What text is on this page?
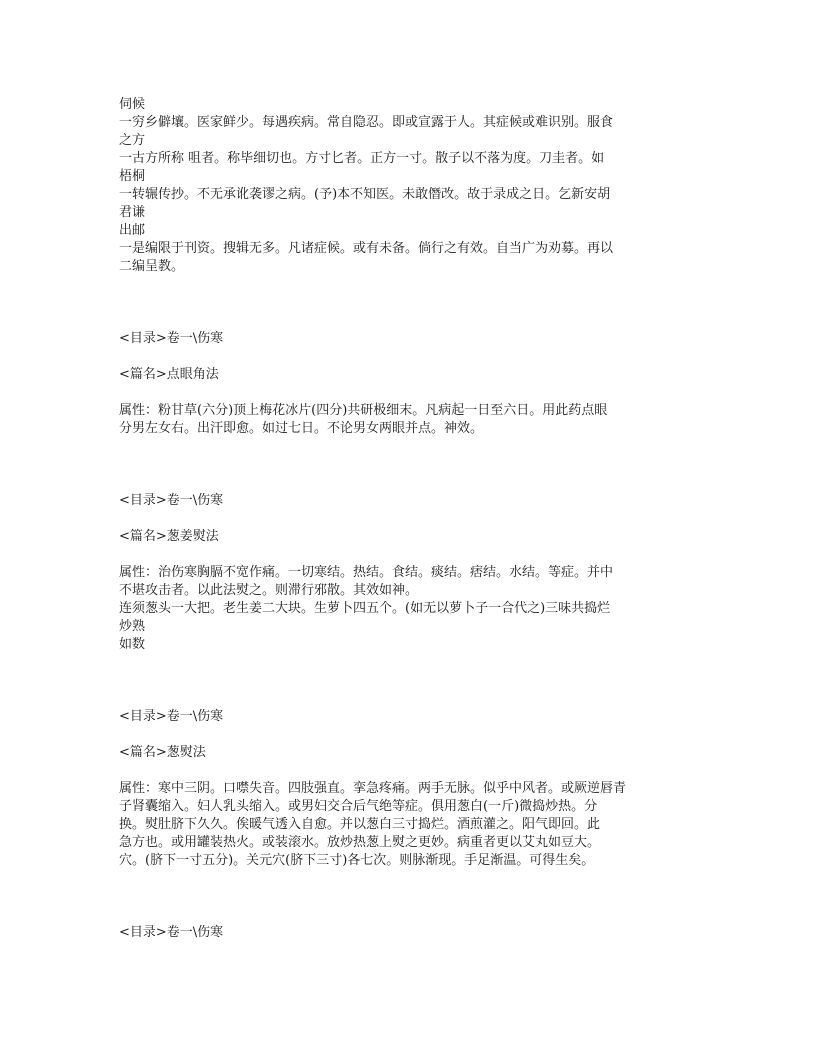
伺候
一穷乡僻壤。医家鲜少。每遇疾病。常自隐忍。即或宣露于人。其症候或难识别。服食
之方
一古方所称 咀者。称毕细切也。方寸匕者。正方一寸。散子以不落为度。刀圭者。如
梧桐
一转辗传抄。不无承讹袭谬之病。(予)本不知医。未敢僭改。故于录成之日。乞新安胡
君谦
出邮
一是编限于刊资。搜辑无多。凡诸症候。或有未备。倘行之有效。自当广为劝募。再以
二编呈教。
<目录>卷一\伤寒
<篇名>点眼角法
属性：粉甘草(六分)顶上梅花冰片(四分)共研极细末。凡病起一日至六日。用此药点眼
分男左女右。出汗即愈。如过七日。不论男女两眼并点。神效。
<目录>卷一\伤寒
<篇名>葱姜熨法
属性：治伤寒胸膈不宽作痛。一切寒结。热结。食结。痰结。痞结。水结。等症。并中
不堪攻击者。以此法熨之。则滞行邪散。其效如神。
连须葱头一大把。老生姜二大块。生萝卜四五个。(如无以萝卜子一合代之)三味共捣烂
炒熟
如数
<目录>卷一\伤寒
<篇名>葱熨法
属性：寒中三阴。口噤失音。四肢强直。挛急疼痛。两手无脉。似乎中风者。或厥逆唇青
子肾囊缩入。妇人乳头缩入。或男妇交合后气绝等症。俱用葱白(一斤)微捣炒热。分
换。熨肚脐下久久。俟暖气透入自愈。并以葱白三寸捣烂。酒煎灌之。阳气即回。此
急方也。或用罐装热火。或装滚水。放炒热葱上熨之更妙。病重者更以艾丸如豆大。
穴。(脐下一寸五分)。关元穴(脐下三寸)各七次。则脉渐现。手足渐温。可得生矣。
<目录>卷一\伤寒
